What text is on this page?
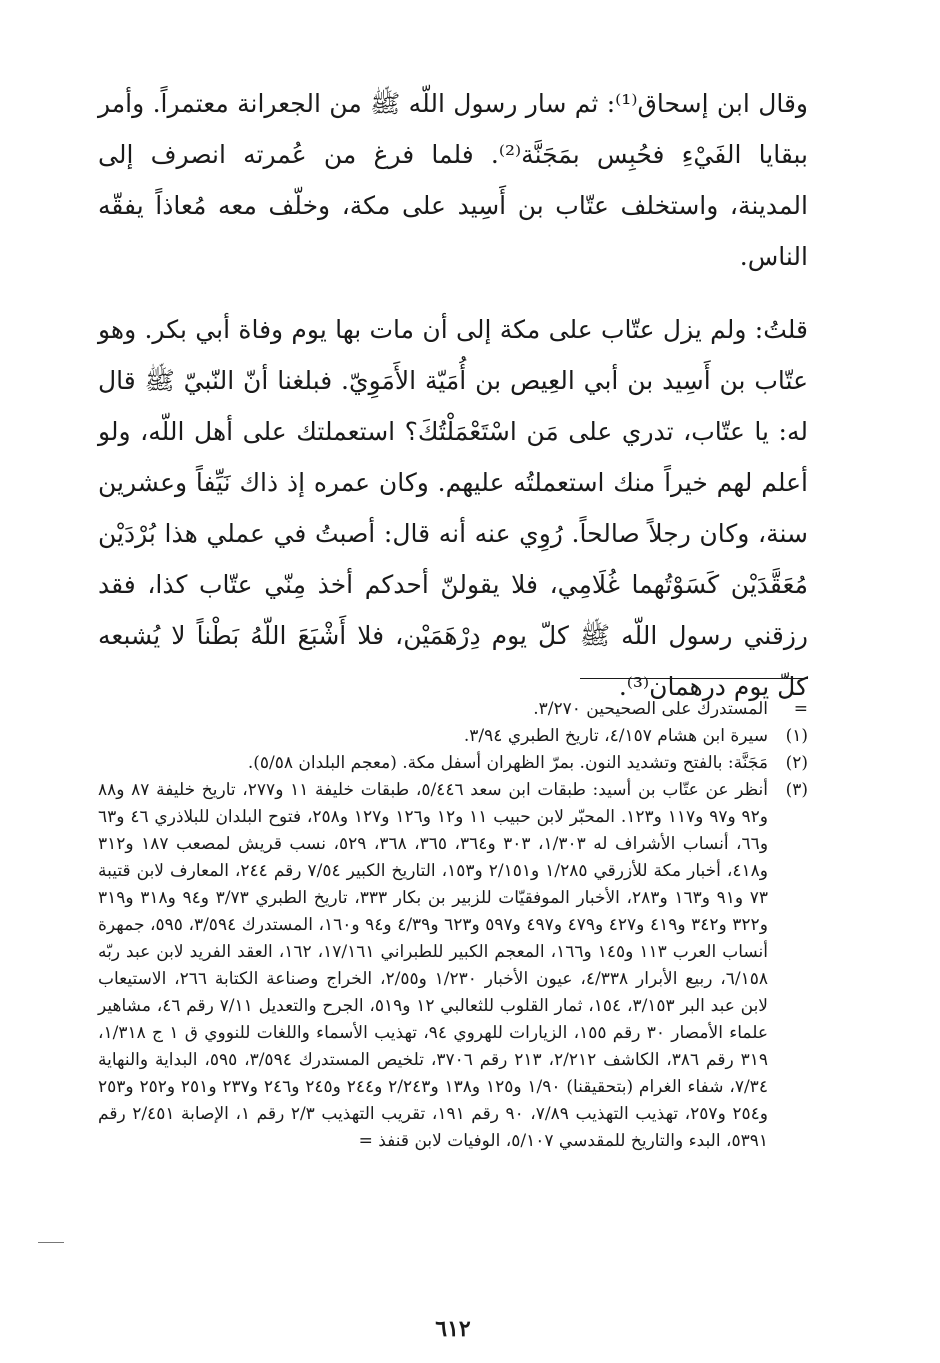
وقال ابن إسحاق⁽¹⁾: ثم سار رسول اللّه ﷺ من الجعرانة معتمراً. وأمر ببقايا الفَيْءِ فحُبِس بمَجَنَّة⁽²⁾. فلما فرغ من عُمرته انصرف إلى المدينة، واستخلف عتّاب بن أَسِيد على مكة، وخلّف معه مُعاذاً يفقّه الناس.

قلتُ: ولم يزل عتّاب على مكة إلى أن مات بها يوم وفاة أبي بكر. وهو عتّاب بن أَسِيد بن أبي العِيص بن أُمَيّة الأَمَوِيّ. فبلغنا أنّ النّبيّ ﷺ قال له: يا عتّاب، تدري على مَن اسْتَعْمَلْتُكَ؟ استعملتك على أهل اللّه، ولو أعلم لهم خيراً منك استعملتُه عليهم. وكان عمره إذ ذاك نَيِّفاً وعشرين سنة، وكان رجلاً صالحاً. رُوِي عنه أنه قال: أصبتُ في عملي هذا بُرْدَيْن مُعَقَّدَيْن كَسَوْتُهما غُلَامِي، فلا يقولنّ أحدكم أخذ مِنّي عتّاب كذا، فقد رزقني رسول اللّه ﷺ كلّ يوم دِرْهَمَيْن، فلا أَشْبَعَ اللّهُ بَطْناً لا يُشبعه كلّ يوم درهمان⁽³⁾.

=
المستدرك على الصحيحين ٣/٢٧٠.
(١)
سيرة ابن هشام ٤/١٥٧، تاريخ الطبري ٣/٩٤.
(٢)
مَجَنَّة: بالفتح وتشديد النون. بمرّ الظهران أسفل مكة. (معجم البلدان ٥/٥٨).
(٣)
أنظر عن عتّاب بن أسيد: طبقات ابن سعد ٥/٤٤٦، طبقات خليفة ١١ و٢٧٧، تاريخ خليفة ٨٧ و٨٨ و٩٢ و٩٧ و١١٧ و١٢٣. المحبّر لابن حبيب ١١ و١٢ و١٢٦ و١٢٧ و٢٥٨، فتوح البلدان للبلاذري ٤٦ و٦٣ و٦٦، أنساب الأشراف له ١/٣٠٣، ٣٠٣ و٣٦٤، ٣٦٥، ٣٦٨، ٥٢٩، نسب قريش لمصعب ١٨٧ و٣١٢ و٤١٨، أخبار مكة للأزرقي ١/٢٨٥ و٢/١٥١ و١٥٣، التاريخ الكبير ٧/٥٤ رقم ٢٤٤، المعارف لابن قتيبة ٧٣ و٩١ و١٦٣ و٢٨٣، الأخبار الموفقيّات للزبير بن بكار ٣٣٣، تاريخ الطبري ٣/٧٣ و٩٤ و٣١٨ و٣١٩ و٣٢٢ و٣٤٢ و٤١٩ و٤٢٧ و٤٧٩ و٤٩٧ و٥٩٧ و٦٢٣ و٤/٣٩ و٩٤ و١٦٠، المستدرك ٣/٥٩٤، ٥٩٥، جمهرة أنساب العرب ١١٣ و١٤٥ و١٦٦، المعجم الكبير للطبراني ١٧/١٦١، ١٦٢، العقد الفريد لابن عبد ربّه ٦/١٥٨، ربيع الأبرار ٤/٣٣٨، عيون الأخبار ١/٢٣٠ و٢/٥٥، الخراج وصناعة الكتابة ٢٦٦، الاستيعاب لابن عبد البر ٣/١٥٣، ١٥٤، ثمار القلوب للثعالبي ١٢ و٥١٩، الجرح والتعديل ٧/١١ رقم ٤٦، مشاهير علماء الأمصار ٣٠ رقم ١٥٥، الزيارات للهروي ٩٤، تهذيب الأسماء واللغات للنووي ق ١ ج ١/٣١٨، ٣١٩ رقم ٣٨٦، الكاشف ٢/٢١٢، ٢١٣ رقم ٣٧٠٦، تلخيص المستدرك ٣/٥٩٤، ٥٩٥، البداية والنهاية ٧/٣٤، شفاء الغرام (بتحقيقنا) ١/٩٠ و١٢٥ و١٣٨ و٢/٢٤٣ و٢٤٤ و٢٤٥ و٢٤٦ و٢٣٧ و٢٥١ و٢٥٢ و٢٥٣ و٢٥٤ و٢٥٧، تهذيب التهذيب ٧/٨٩، ٩٠ رقم ١٩١، تقريب التهذيب ٢/٣ رقم ١، الإصابة ٢/٤٥١ رقم ٥٣٩١، البدء والتاريخ للمقدسي ٥/١٠٧، الوفيات لابن قنفذ =
٦١٢
